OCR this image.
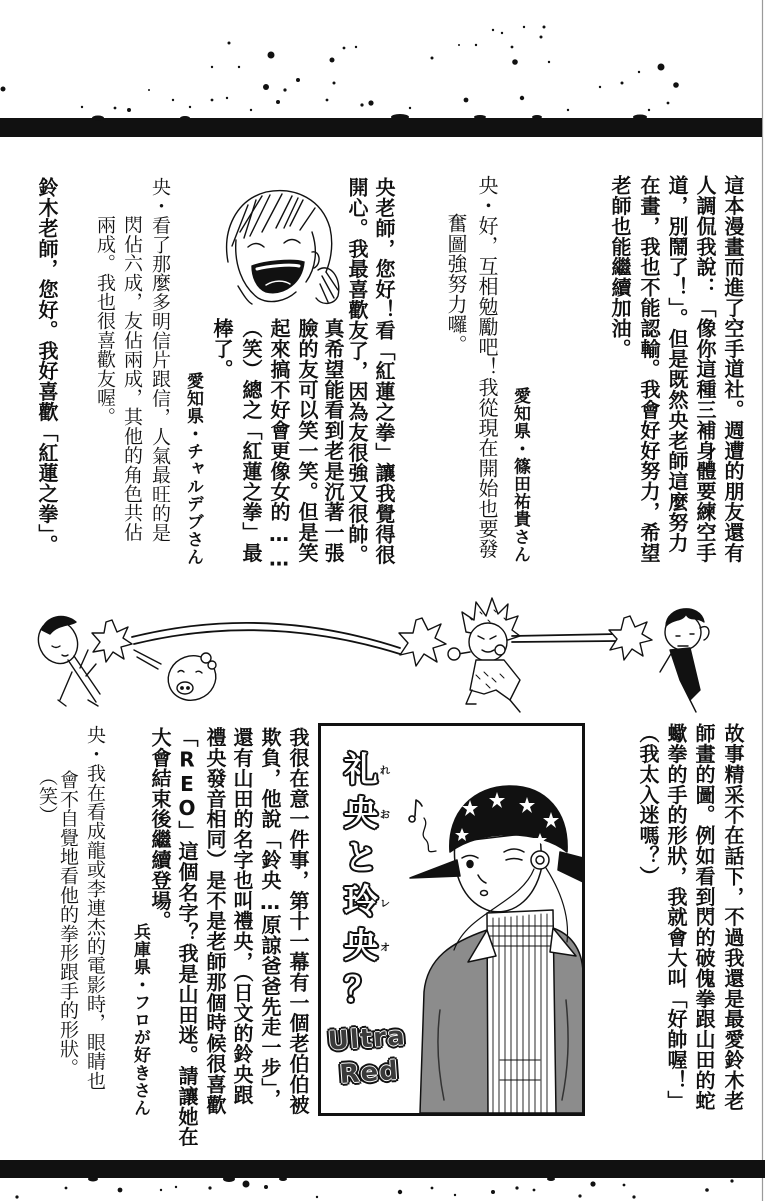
這本漫畫而進了空手道社。週遭的朋友還有
人調侃我說：「像你這種三補身體要練空手
道，別鬧了！」。但是既然央老師這麼努力
在畫，我也不能認輸。我會好好努力，希望
老師也能繼續加油。
愛知県・篠田祐貴さん
央・好，互相勉勵吧！我從現在開始也要發
奮圖強努力囉。
央老師，您好！看「紅蓮之拳」讓我覺得很
開心。我最喜歡友了，因為友很強又很帥。
真希望能看到老是沉著一張
臉的友可以笑一笑。但是笑
起來搞不好會更像女的……
（笑）總之「紅蓮之拳」最
棒了。
愛知県・チャルデブさん
央・看了那麼多明信片跟信，人氣最旺的是
閃佔六成，友佔兩成，其他的角色共佔
兩成。我也很喜歡友喔。
鈴木老師，您好。我好喜歡「紅蓮之拳」。
故事精采不在話下，不過我還是最愛鈴木老
師畫的圖。例如看到閃的破傀拳跟山田的蛇
蠍拳的手的形狀，我就會大叫「好帥喔！」
（我太入迷嗎？）
我很在意一件事，第十一幕有一個老伯伯被
欺負，他說「鈴央…原諒爸爸先走一步」，
還有山田的名字也叫禮央，（日文的鈴央跟
禮央發音相同）是不是老師那個時候很喜歡
「REO」這個名字？我是山田迷。請讓她在
大會結束後繼續登場。
兵庫県・フロが好きさん
央・我在看成龍或李連杰的電影時，眼睛也
會不自覺地看他的拳形跟手的形狀。
（笑）	礼
央
と
玲
央
？
れ
お
レ
オ
Ultra
Red
